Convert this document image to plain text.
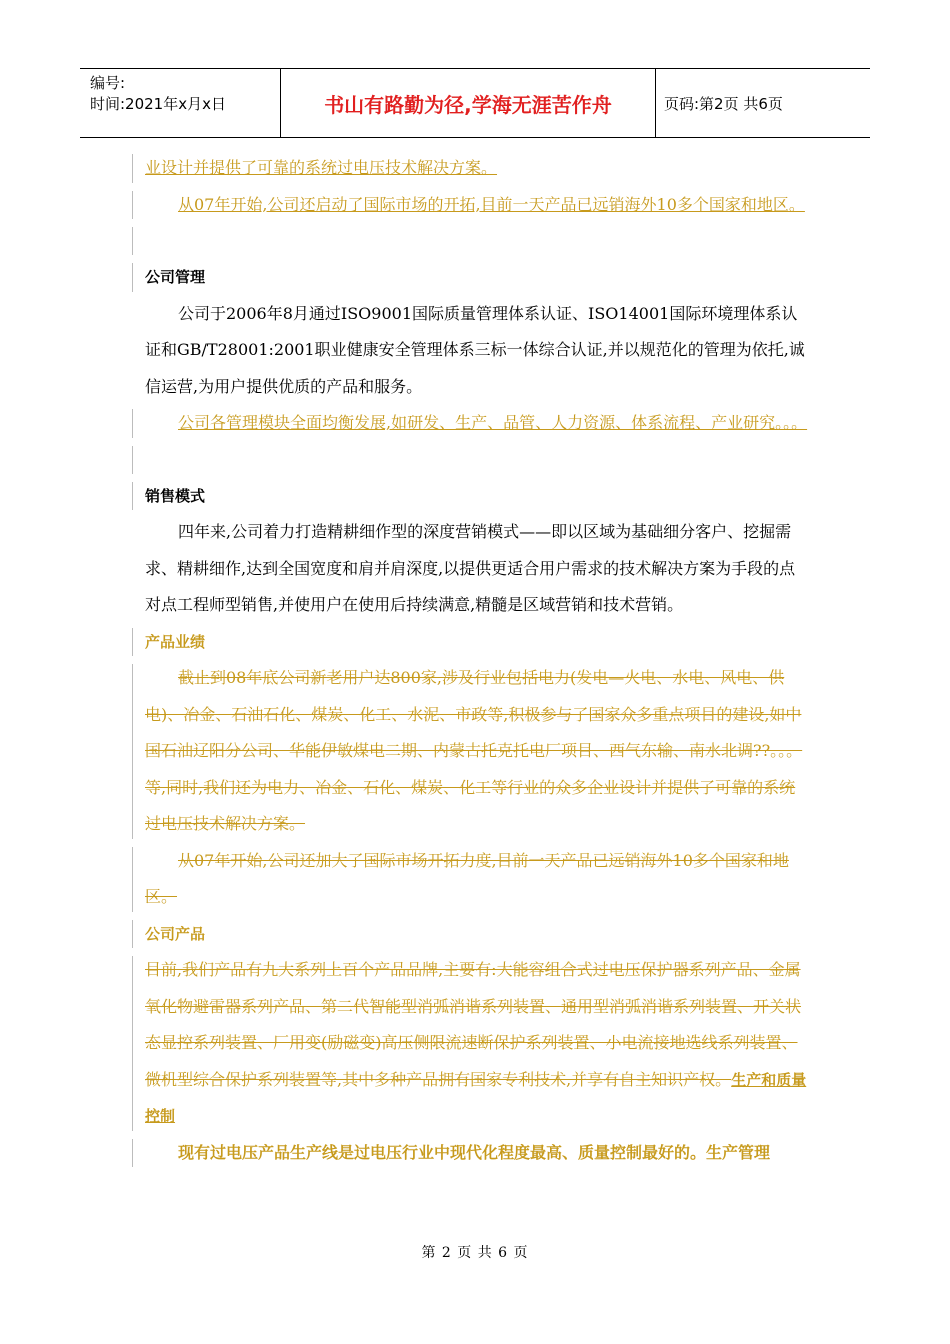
编号:
时间:2021年x月x日	书山有路勤为径,学海无涯苦作舟	页码:第2页 共6页
业设计并提供了可靠的系统过电压技术解决方案。
从07年开始,公司还启动了国际市场的开拓,目前一天产品已远销海外10多个国家和地区。
公司管理
公司于2006年8月通过ISO9001国际质量管理体系认证、ISO14001国际环境理体系认证和GB/T28001:2001职业健康安全管理体系三标一体综合认证,并以规范化的管理为依托,诚信运营,为用户提供优质的产品和服务。
公司各管理模块全面均衡发展,如研发、生产、品管、人力资源、体系流程、产业研究。。。
销售模式
四年来,公司着力打造精耕细作型的深度营销模式——即以区域为基础细分客户、挖掘需求、精耕细作,达到全国宽度和肩并肩深度,以提供更适合用户需求的技术解决方案为手段的点对点工程师型销售,并使用户在使用后持续满意,精髓是区域营销和技术营销。
产品业绩
截止到08年底公司新老用户达800家,涉及行业包括电力(发电—火电、水电、风电、供电)、冶金、石油石化、煤炭、化工、水泥、市政等,积极参与了国家众多重点项目的建设,如中国石油辽阳分公司、华能伊敏煤电二期、内蒙古托克托电厂项目、西气东输、南水北调??。。。等,同时,我们还为电力、冶金、石化、煤炭、化工等行业的众多企业设计并提供了可靠的系统过电压技术解决方案。
从07年开始,公司还加大了国际市场开拓力度,目前一天产品已远销海外10多个国家和地区。
公司产品
目前,我们产品有九大系列上百个产品品牌,主要有:大能容组合式过电压保护器系列产品、金属氧化物避雷器系列产品、第二代智能型消弧消谐系列装置、通用型消弧消谐系列装置、开关状态显控系列装置、厂用变(励磁变)高压侧限流速断保护系列装置、小电流接地选线系列装置、微机型综合保护系列装置等,其中多种产品拥有国家专利技术,并享有自主知识产权。生产和质量控制
现有过电压产品生产线是过电压行业中现代化程度最高、质量控制最好的。生产管理
第 2 页 共 6 页
